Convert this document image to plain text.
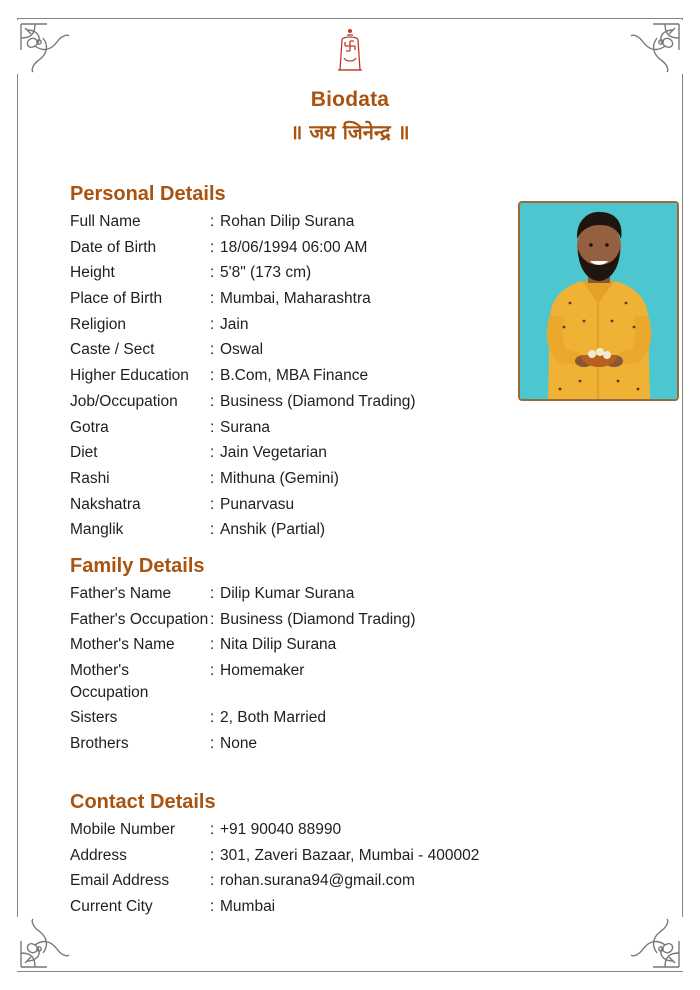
Biodata
॥ जय जिनेन्द्र ॥
Personal Details
Full Name	: Rohan Dilip Surana
Date of Birth	: 18/06/1994 06:00 AM
Height	: 5'8" (173 cm)
Place of Birth	: Mumbai, Maharashtra
Religion	: Jain
Caste / Sect	: Oswal
Higher Education	: B.Com, MBA Finance
Job/Occupation	: Business (Diamond Trading)
Gotra	: Surana
Diet	: Jain Vegetarian
Rashi	: Mithuna (Gemini)
Nakshatra	: Punarvasu
Manglik	: Anshik (Partial)
Family Details
Father's Name	: Dilip Kumar Surana
Father's Occupation : Business (Diamond Trading)
Mother's Name	: Nita Dilip Surana
Mother's Occupation
: Homemaker
Sisters	: 2, Both Married
Brothers	: None
Contact Details
Mobile Number	: +91 90040 88990
Address	: 301, Zaveri Bazaar, Mumbai - 400002
Email Address	: rohan.surana94@gmail.com
Current City	: Mumbai
